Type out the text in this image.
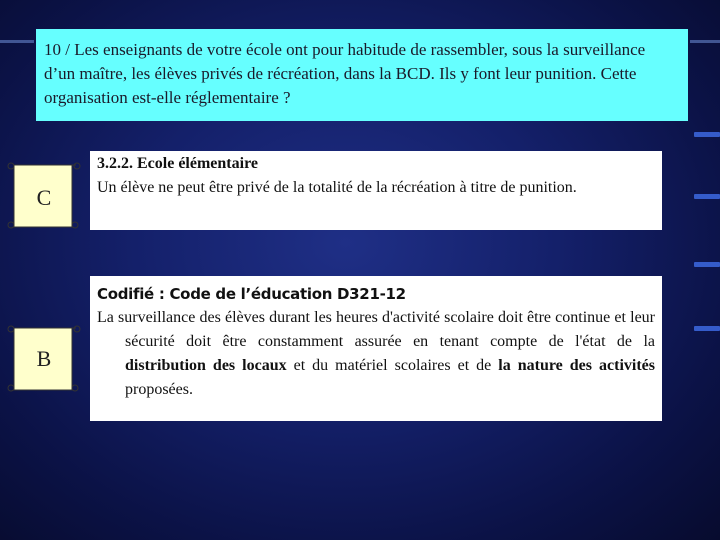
10 / Les enseignants de votre école ont pour habitude de rassembler, sous la surveillance d’un maître, les élèves privés de récréation, dans la BCD. Ils y font leur punition. Cette organisation est-elle réglementaire ?
C
B
3.2.2. Ecole élémentaire
Un élève ne peut être privé de la totalité de la récréation à titre de punition.
Codifié : Code de l’éducation D321-12
La surveillance des élèves durant les heures d'activité scolaire doit être continue et leur sécurité doit être constamment assurée en tenant compte de l'état de la distribution des locaux et du matériel scolaires et de la nature des activités proposées.
